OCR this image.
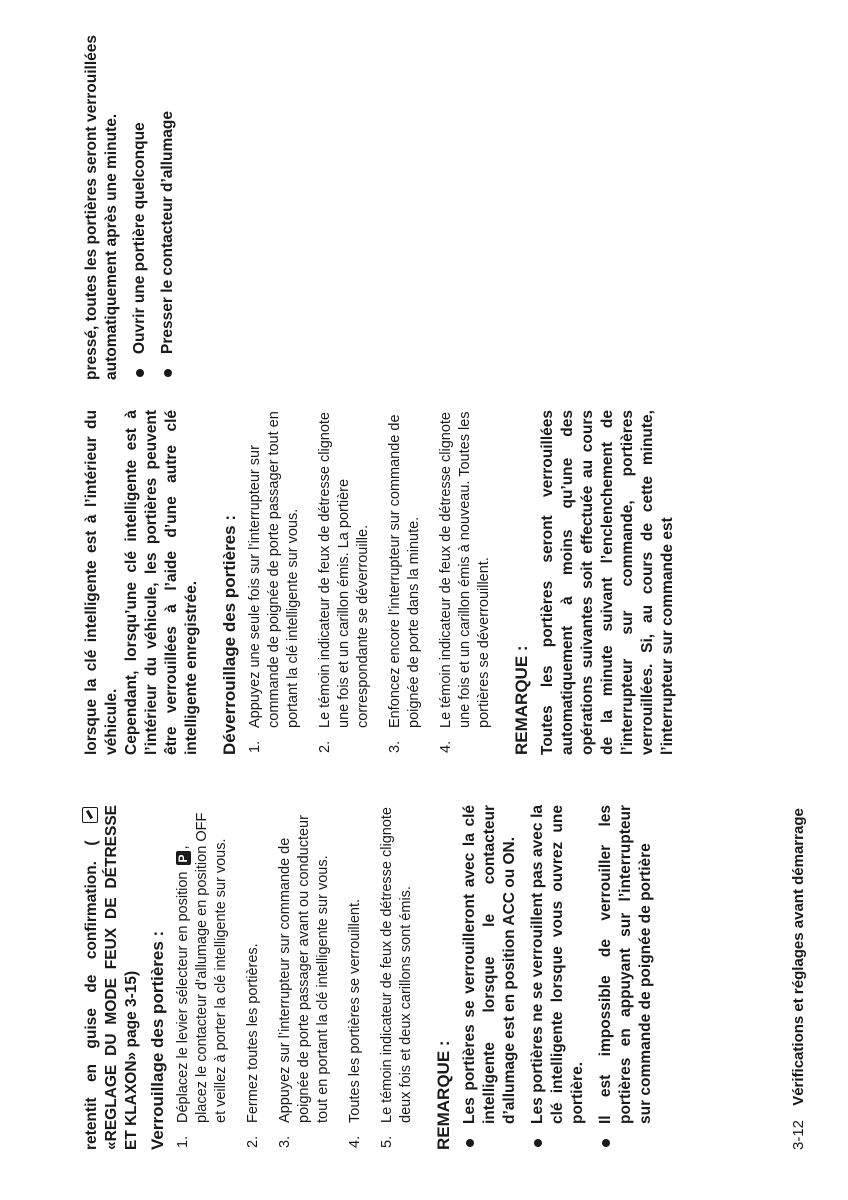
retentit en guise de confirmation. ( «REGLAGE DU MODE FEUX DE DÉTRESSE ET KLAXON» page 3-15) Verrouillage des portières : 1.
Déplacez le levier sélecteur en position P, placez le contacteur d’allumage en position OFF et veillez à porter la clé intelligente sur vous.
2.
Fermez toutes les portières.
3.
Appuyez sur l’interrupteur sur commande de poignée de porte passager avant ou conducteur tout en portant la clé intelligente sur vous.
4.
Toutes les portières se verrouillent.
5.
Le témoin indicateur de feux de détresse clignote deux fois et deux carillons sont émis. REMARQUE : Les portières se verrouilleront avec la clé intelligente lorsque le contacteur d’allumage est en position ACC ou ON. Les portières ne se verrouillent pas avec la clé intelligente lorsque vous ouvrez une portière. Il est impossible de verrouiller les portières en appuyant sur l’interrupteur sur commande de poignée de portière
lorsque la clé intelligente est à l’intérieur du véhicule. Cependant, lorsqu’une clé intelligente est à l’intérieur du véhicule, les portières peuvent être verrouillées à l’aide d’une autre clé intelligente enregistrée. Déverrouillage des portières : 1.
Appuyez une seule fois sur l’interrupteur sur commande de poignée de porte passager tout en portant la clé intelligente sur vous.
2.
Le témoin indicateur de feux de détresse clignote une fois et un carillon émis. La portière correspondante se déverrouille.
3.
Enfoncez encore l’interrupteur sur commande de poignée de porte dans la minute.
4.
Le témoin indicateur de feux de détresse clignote une fois et un carillon émis à nouveau. Toutes les portières se déverrouillent. REMARQUE : Toutes les portières seront verrouillées automatiquement à moins qu’une des opérations suivantes soit effectuée au cours de la minute suivant l’enclenchement de l’interrupteur sur commande, portières verrouillées. Si, au cours de cette minute, l’interrupteur sur commande est
pressé, toutes les portières seront verrouillées automatiquement après une minute. Ouvrir une portière quelconque Presser le contacteur d’allumage
3-12 Vérifications et réglages avant démarrage
